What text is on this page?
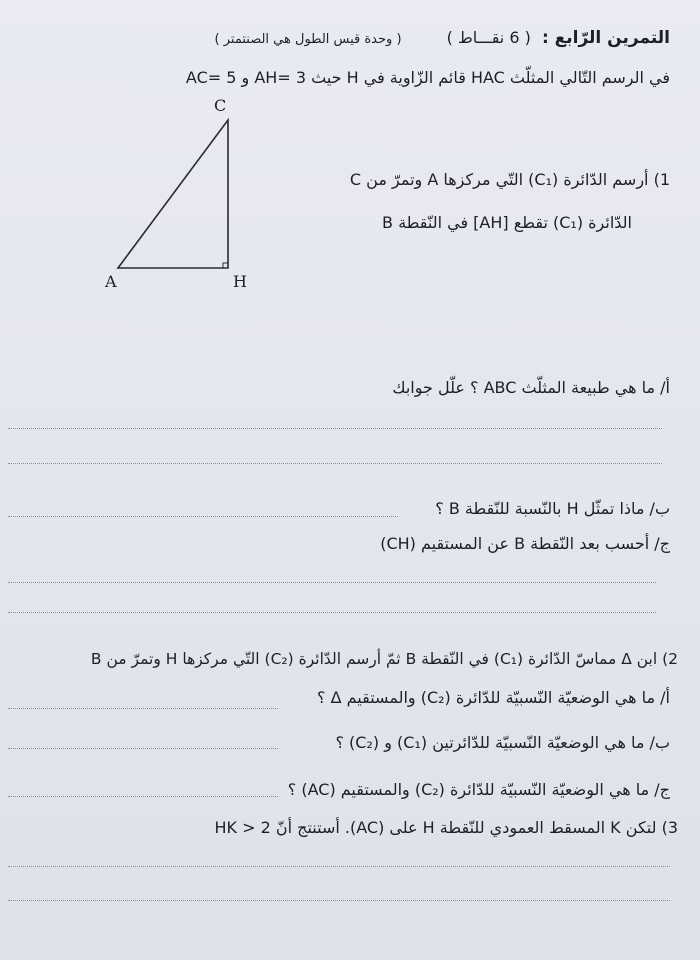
التمرين الرّابع : ( 6 نقـــاط ) ( وحدة قيس الطول هي الصنتمتر )
في الرسم التّالي المثلّث HAC قائم الزّاوية في H حيث AH= 3 و AC= 5
C
A	H
1) أرسم الدّائرة (C₁) التّي مركزها A وتمرّ من C
الدّائرة (C₁) تقطع [AH] في النّقطة B
أ/ ما هي طبيعة المثلّث ABC ؟ علّل جوابك
ب/ ماذا تمثّل H بالنّسبة للنّقطة B ؟
ج/ أحسب بعد النّقطة B عن المستقيم (CH)
2) ابن Δ مماسّ الدّائرة (C₁) في النّقطة B ثمّ أرسم الدّائرة (C₂) التّي مركزها H وتمرّ من B
أ/ ما هي الوضعيّة النّسبيّة للدّائرة (C₂) والمستقيم Δ ؟
ب/ ما هي الوضعيّة النّسبيّة للدّائرتين (C₁) و (C₂) ؟
ج/ ما هي الوضعيّة النّسبيّة للدّائرة (C₂) والمستقيم (AC) ؟
3) لتكن K المسقط العمودي للنّقطة H على (AC). أستنتج أنّ HK > 2
